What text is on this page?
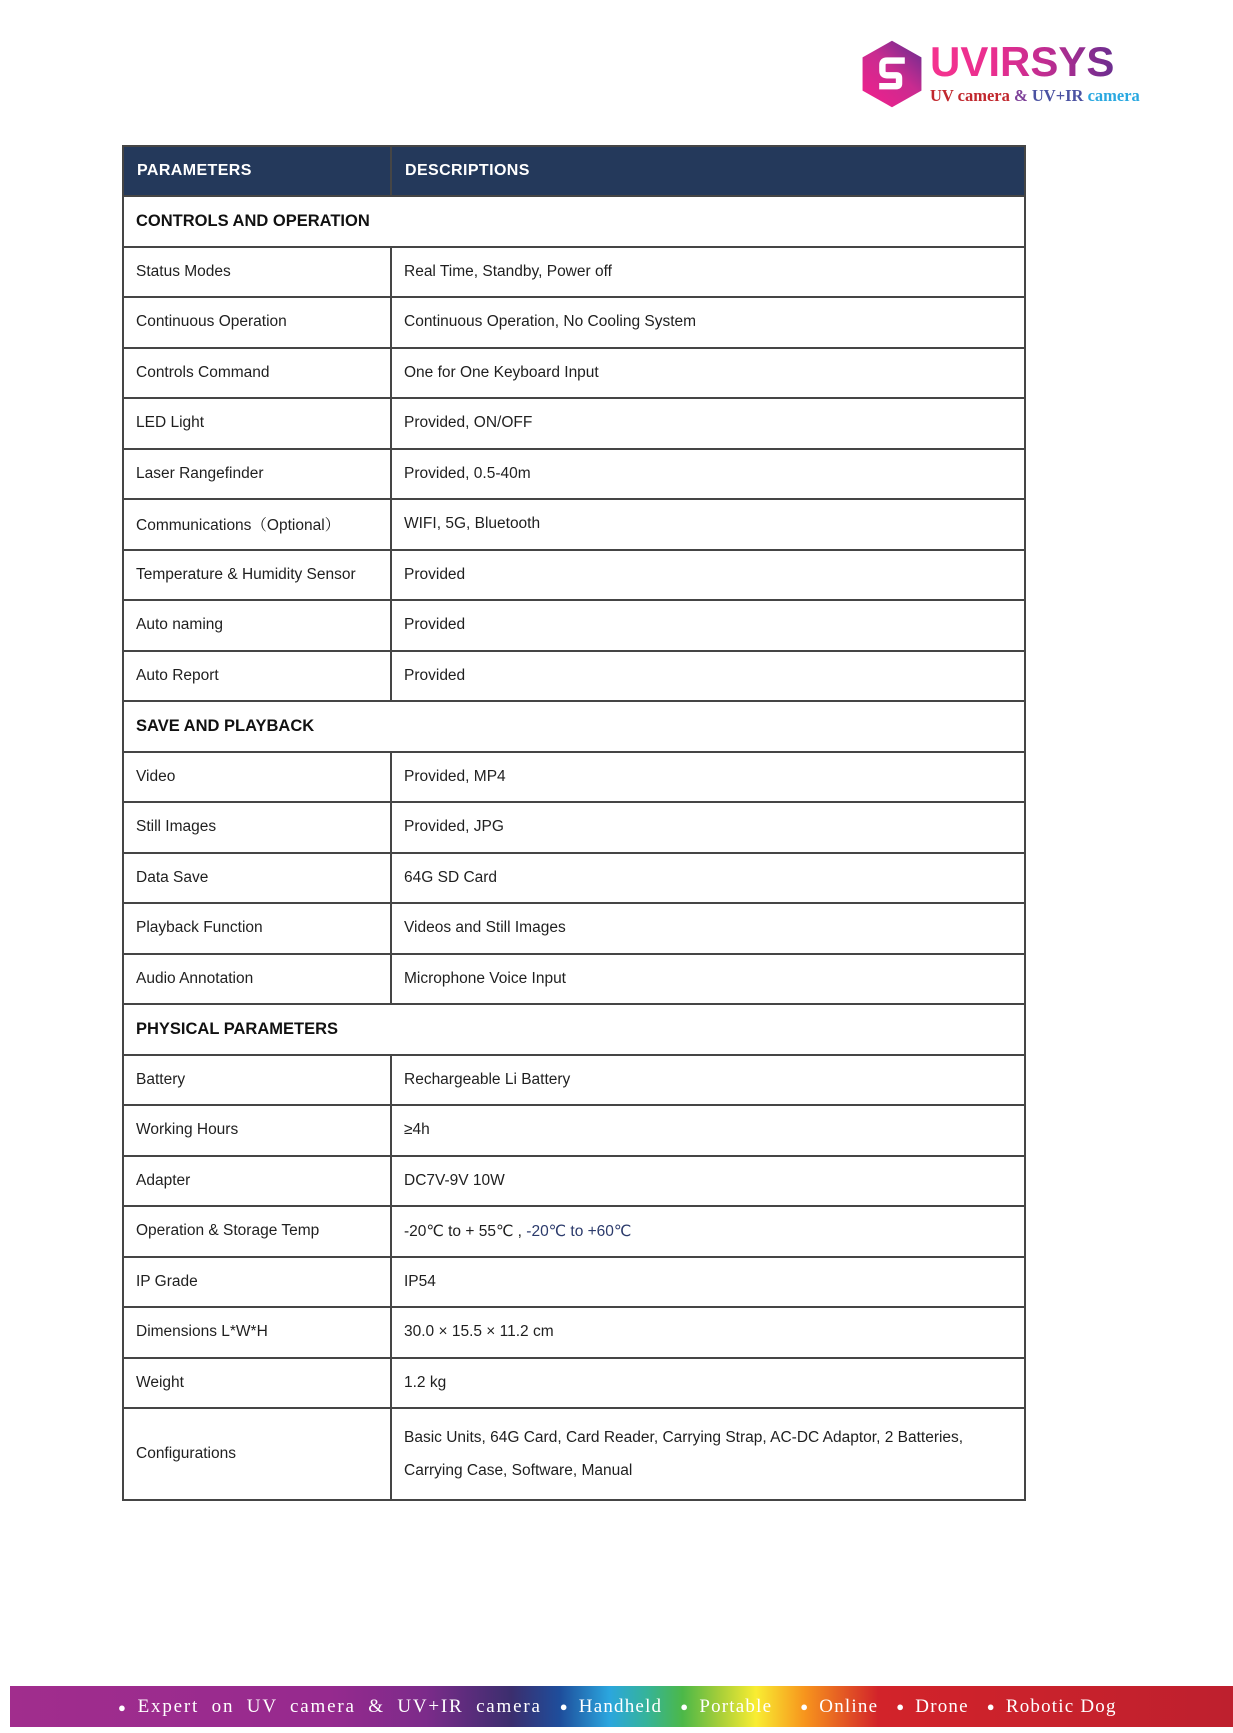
UVIRSYS
UV camera & UV+IR camera
PARAMETERS	DESCRIPTIONS
CONTROLS AND OPERATION	
Status Modes	Real Time, Standby, Power off
Continuous Operation	Continuous Operation, No Cooling System
Controls Command	One for One Keyboard Input
LED Light	Provided, ON/OFF
Laser Rangefinder	Provided, 0.5-40m
Communications（Optional）	WIFI, 5G, Bluetooth
Temperature & Humidity Sensor	Provided
Auto naming	Provided
Auto Report	Provided
SAVE AND PLAYBACK	
Video	Provided, MP4
Still Images	Provided, JPG
Data Save	64G SD Card
Playback Function	Videos and Still Images
Audio Annotation	Microphone Voice Input
PHYSICAL PARAMETERS	
Battery	Rechargeable Li Battery
Working Hours	≥4h
Adapter	DC7V-9V 10W
Operation & Storage Temp	-20℃ to + 55℃ , -20℃ to +60℃
IP Grade	IP54
Dimensions L*W*H	30.0 × 15.5 × 11.2 cm
Weight	1.2 kg
Configurations	Basic Units, 64G Card, Card Reader, Carrying Strap, AC-DC Adaptor, 2 Batteries, Carrying Case, Software, Manual
● Expert on UV camera & UV+IR camera ● Handheld ● Portable ● Online ● Drone ● Robotic Dog
